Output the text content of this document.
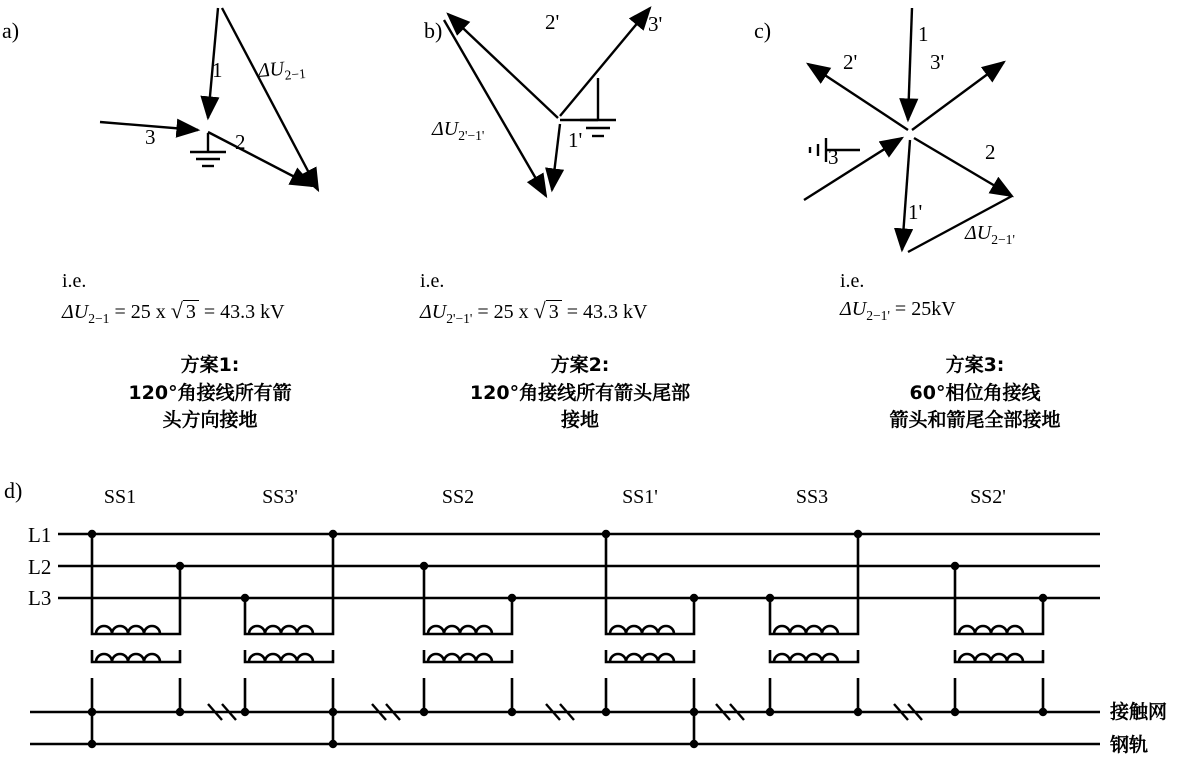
a)
1
2
3
$\Delta U_{2-1}$
i.e.
$\Delta U_{2-1} = 25$ x √ 3 = 43.3 kV
方案1:
120°角接线所有箭
头方向接地
b)	2'	3'
1'
$\Delta U_{2'-1'}$
i.e.
$\Delta U_{2'-1'} = 25$ x √ 3 = 43.3 kV
方案2:
120°角接线所有箭头尾部
接地
c)	1
2
3
1'
2'	3'
$\Delta U_{2-1'}$
i.e.
$\Delta U_{2-1'} = 25kV$
方案3:
60°相位角接线
箭头和箭尾全部接地
d)
L1
L2
L3
SS1	SS3'	SS2	SS1'	SS3	SS2'
接触网
钢轨
